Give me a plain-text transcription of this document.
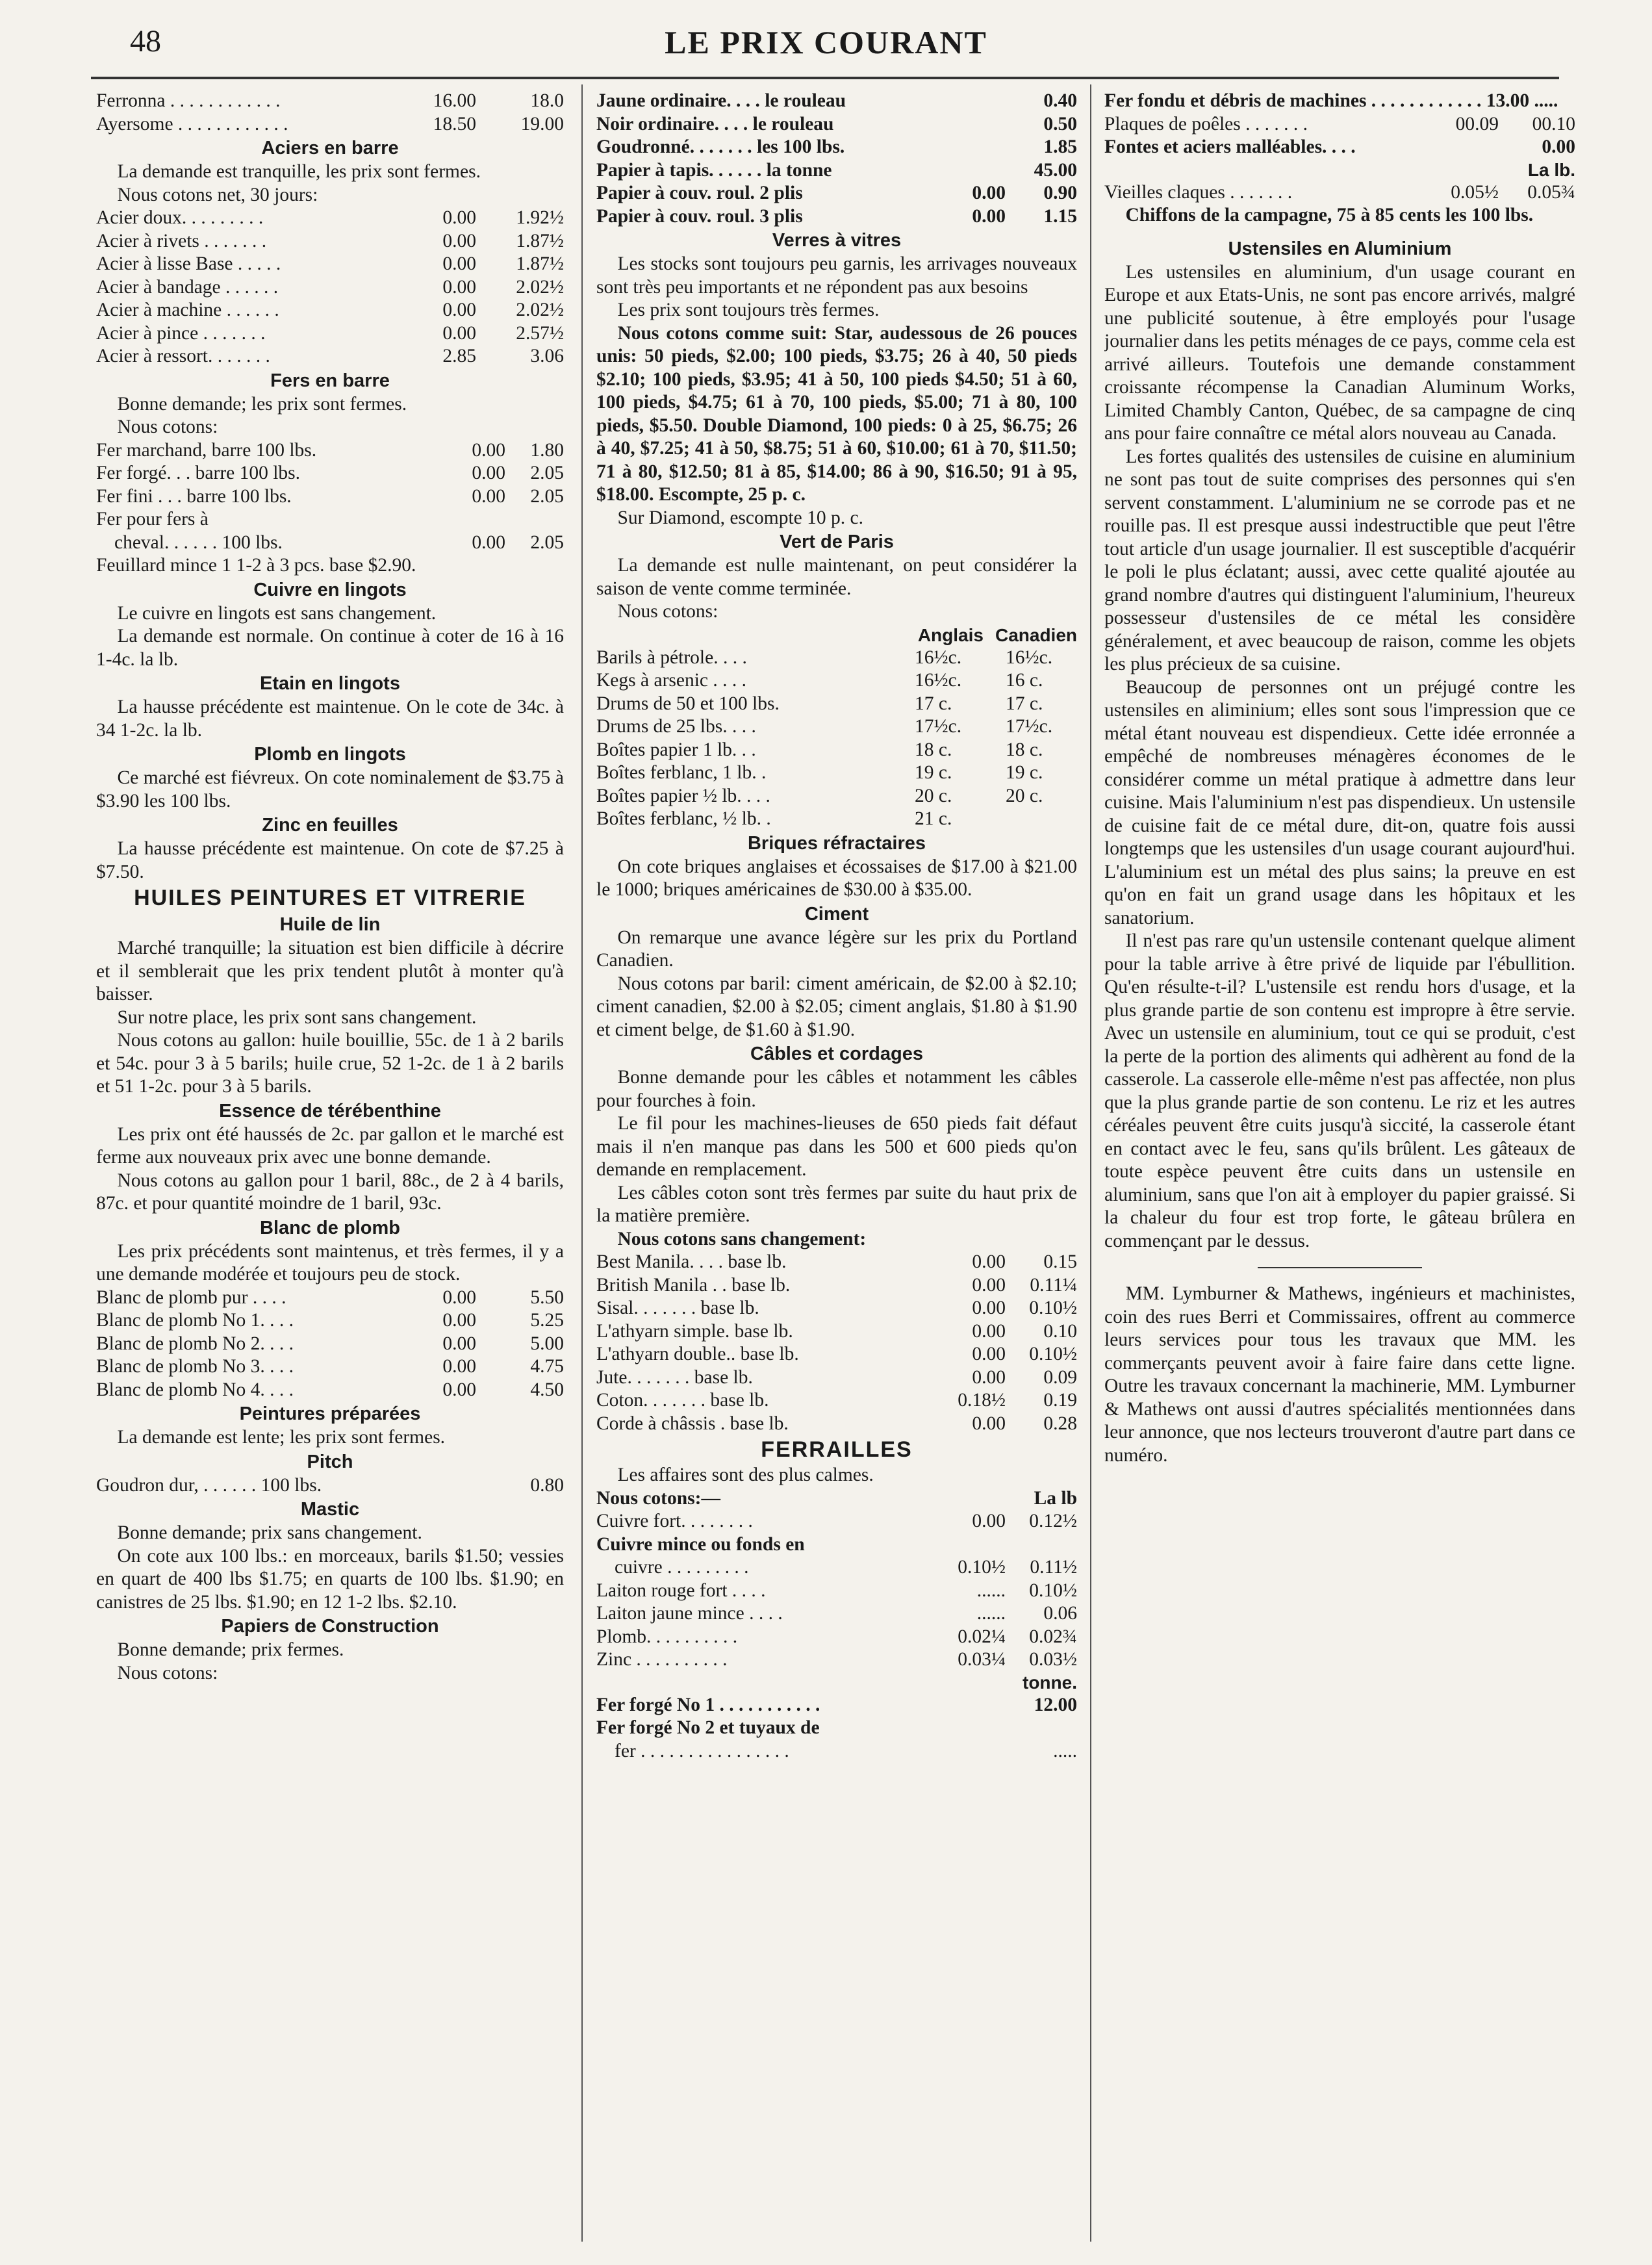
48	LE PRIX COURANT
Ferronna . . . . . . . . . . . .	16.00	18.0
Ayersome . . . . . . . . . . . .	18.50	19.00

Aciers en barre

La demande est tranquille, les prix sont fermes.

Nous cotons net, 30 jours:

Acier doux. . . . . . . . .	0.00	1.92½
Acier à rivets . . . . . . .	0.00	1.87½
Acier à lisse Base . . . . .	0.00	1.87½
Acier à bandage . . . . . .	0.00	2.02½
Acier à machine . . . . . .	0.00	2.02½
Acier à pince . . . . . . .	0.00	2.57½
Acier à ressort. . . . . . .	2.85	3.06

Fers en barre

Bonne demande; les prix sont fermes.

Nous cotons:

Fer marchand, barre 100 lbs.	0.00	1.80
Fer forgé. . . barre 100 lbs.	0.00	2.05
Fer fini . . . barre 100 lbs.	0.00	2.05
Fer pour fers à
cheval. . . . . . 100 lbs.	0.00	2.05
Feuillard mince 1 1-2 à 3 pcs. base $2.90.

Cuivre en lingots

Le cuivre en lingots est sans changement.

La demande est normale. On continue à coter de 16 à 16 1-4c. la lb.

Etain en lingots

La hausse précédente est maintenue. On le cote de 34c. à 34 1-2c. la lb.

Plomb en lingots

Ce marché est fiévreux. On cote nominalement de $3.75 à $3.90 les 100 lbs.

Zinc en feuilles

La hausse précédente est maintenue. On cote de $7.25 à $7.50.

HUILES PEINTURES ET VITRERIE

Huile de lin

Marché tranquille; la situation est bien difficile à décrire et il semblerait que les prix tendent plutôt à monter qu'à baisser.

Sur notre place, les prix sont sans changement.

Nous cotons au gallon: huile bouillie, 55c. de 1 à 2 barils et 54c. pour 3 à 5 barils; huile crue, 52 1-2c. de 1 à 2 barils et 51 1-2c. pour 3 à 5 barils.

Essence de térébenthine

Les prix ont été haussés de 2c. par gallon et le marché est ferme aux nouveaux prix avec une bonne demande.

Nous cotons au gallon pour 1 baril, 88c., de 2 à 4 barils, 87c. et pour quantité moindre de 1 baril, 93c.

Blanc de plomb

Les prix précédents sont maintenus, et très fermes, il y a une demande modérée et toujours peu de stock.

Blanc de plomb pur . . . .	0.00	5.50
Blanc de plomb No 1. . . .	0.00	5.25
Blanc de plomb No 2. . . .	0.00	5.00
Blanc de plomb No 3. . . .	0.00	4.75
Blanc de plomb No 4. . . .	0.00	4.50

Peintures préparées

La demande est lente; les prix sont fermes.

Pitch

Goudron dur, . . . . . . 100 lbs.	0.80

Mastic

Bonne demande; prix sans changement.

On cote aux 100 lbs.: en morceaux, barils $1.50; vessies en quart de 400 lbs $1.75; en quarts de 100 lbs. $1.90; en canistres de 25 lbs. $1.90; en 12 1-2 lbs. $2.10.

Papiers de Construction

Bonne demande; prix fermes.

Nous cotons:

Jaune ordinaire. . . . le rouleau	0.40
Noir ordinaire. . . . le rouleau	0.50
Goudronné. . . . . . . les 100 lbs.	1.85
Papier à tapis. . . . . . la tonne	45.00
Papier à couv. roul. 2 plis	0.00	0.90
Papier à couv. roul. 3 plis	0.00	1.15

Verres à vitres

Les stocks sont toujours peu garnis, les arrivages nouveaux sont très peu importants et ne répondent pas aux besoins

Les prix sont toujours très fermes.

Nous cotons comme suit: Star, audessous de 26 pouces unis: 50 pieds, $2.00; 100 pieds, $3.75; 26 à 40, 50 pieds $2.10; 100 pieds, $3.95; 41 à 50, 100 pieds $4.50; 51 à 60, 100 pieds, $4.75; 61 à 70, 100 pieds, $5.00; 71 à 80, 100 pieds, $5.50. Double Diamond, 100 pieds: 0 à 25, $6.75; 26 à 40, $7.25; 41 à 50, $8.75; 51 à 60, $10.00; 61 à 70, $11.50; 71 à 80, $12.50; 81 à 85, $14.00; 86 à 90, $16.50; 91 à 95, $18.00. Escompte, 25 p. c.

Sur Diamond, escompte 10 p. c.

Vert de Paris

La demande est nulle maintenant, on peut considérer la saison de vente comme terminée.

Nous cotons:

Anglais Canadien
Barils à pétrole. . . .	16½c.	16½c.
Kegs à arsenic . . . .	16½c.	16 c.
Drums de 50 et 100 lbs.	17 c.	17 c.
Drums de 25 lbs. . . .	17½c.	17½c.
Boîtes papier 1 lb. . .	18 c.	18 c.
Boîtes ferblanc, 1 lb. .	19 c.	19 c.
Boîtes papier ½ lb. . . .	20 c.	20 c.
Boîtes ferblanc, ½ lb. .	21 c.

Briques réfractaires

On cote briques anglaises et écossaises de $17.00 à $21.00 le 1000; briques américaines de $30.00 à $35.00.

Ciment

On remarque une avance légère sur les prix du Portland Canadien.

Nous cotons par baril: ciment américain, de $2.00 à $2.10; ciment canadien, $2.00 à $2.05; ciment anglais, $1.80 à $1.90 et ciment belge, de $1.60 à $1.90.

Câbles et cordages

Bonne demande pour les câbles et notamment les câbles pour fourches à foin.

Le fil pour les machines-lieuses de 650 pieds fait défaut mais il n'en manque pas dans les 500 et 600 pieds qu'on demande en remplacement.

Les câbles coton sont très fermes par suite du haut prix de la matière première.

Nous cotons sans changement:

Best Manila. . . . base lb.	0.00	0.15
British Manila . . base lb.	0.00	0.11¼
Sisal. . . . . . . base lb.	0.00	0.10½
L'athyarn simple. base lb.	0.00	0.10
L'athyarn double.. base lb.	0.00	0.10½
Jute. . . . . . . base lb.	0.00	0.09
Coton. . . . . . . base lb.	0.18½	0.19
Corde à châssis . base lb.	0.00	0.28

FERRAILLES

Les affaires sont des plus calmes.

Nous cotons:—	La lb
Cuivre fort. . . . . . . .	0.00	0.12½
Cuivre mince ou fonds en
cuivre . . . . . . . . .	0.10½	0.11½
Laiton rouge fort . . . .	......	0.10½
Laiton jaune mince . . . .	......	0.06
Plomb. . . . . . . . . .	0.02¼	0.02¾
Zinc . . . . . . . . . .	0.03¼	0.03½
tonne.
Fer forgé No 1 . . . . . . . . . . .	12.00
Fer forgé No 2 et tuyaux de
fer . . . . . . . . . . . . . . . .	.....

Fer fondu et débris de machines . . . . . . . . . . . . 13.00 .....

Plaques de poêles . . . . . . .	00.09	00.10
Fontes et aciers malléables. . . .	0.00
La lb.
Vieilles claques . . . . . . .	0.05½	0.05¾

Chiffons de la campagne, 75 à 85 cents les 100 lbs.

Ustensiles en Aluminium

Les ustensiles en aluminium, d'un usage courant en Europe et aux Etats-Unis, ne sont pas encore arrivés, malgré une publicité soutenue, à être employés pour l'usage journalier dans les petits ménages de ce pays, comme cela est arrivé ailleurs. Toutefois une demande constamment croissante récompense la Canadian Aluminum Works, Limited Chambly Canton, Québec, de sa campagne de cinq ans pour faire connaître ce métal alors nouveau au Canada.

Les fortes qualités des ustensiles de cuisine en aluminium ne sont pas tout de suite comprises des personnes qui s'en servent constamment. L'aluminium ne se corrode pas et ne rouille pas. Il est presque aussi indestructible que peut l'être tout article d'un usage journalier. Il est susceptible d'acquérir le poli le plus éclatant; aussi, avec cette qualité ajoutée au grand nombre d'autres qui distinguent l'aluminium, l'heureux possesseur d'ustensiles de ce métal les considère généralement, et avec beaucoup de raison, comme les objets les plus précieux de sa cuisine.

Beaucoup de personnes ont un préjugé contre les ustensiles en aliminium; elles sont sous l'impression que ce métal étant nouveau est dispendieux. Cette idée erronnée a empêché de nombreuses ménagères économes de le considérer comme un métal pratique à admettre dans leur cuisine. Mais l'aluminium n'est pas dispendieux. Un ustensile de cuisine fait de ce métal dure, dit-on, quatre fois aussi longtemps que les ustensiles d'un usage courant aujourd'hui. L'aluminium est un métal des plus sains; la preuve en est qu'on en fait un grand usage dans les hôpitaux et les sanatorium.

Il n'est pas rare qu'un ustensile contenant quelque aliment pour la table arrive à être privé de liquide par l'ébullition. Qu'en résulte-t-il? L'ustensile est rendu hors d'usage, et la plus grande partie de son contenu est impropre à être servie. Avec un ustensile en aluminium, tout ce qui se produit, c'est la perte de la portion des aliments qui adhèrent au fond de la casserole. La casserole elle-même n'est pas affectée, non plus que la plus grande partie de son contenu. Le riz et les autres céréales peuvent être cuits jusqu'à siccité, la casserole étant en contact avec le feu, sans qu'ils brûlent. Les gâteaux de toute espèce peuvent être cuits dans un ustensile en aluminium, sans que l'on ait à employer du papier graissé. Si la chaleur du four est trop forte, le gâteau brûlera en commençant par le dessus.

MM. Lymburner & Mathews, ingénieurs et machinistes, coin des rues Berri et Commissaires, offrent au commerce leurs services pour tous les travaux que MM. les commerçants peuvent avoir à faire faire dans cette ligne. Outre les travaux concernant la machinerie, MM. Lymburner & Mathews ont aussi d'autres spécialités mentionnées dans leur annonce, que nos lecteurs trouveront d'autre part dans ce numéro.
